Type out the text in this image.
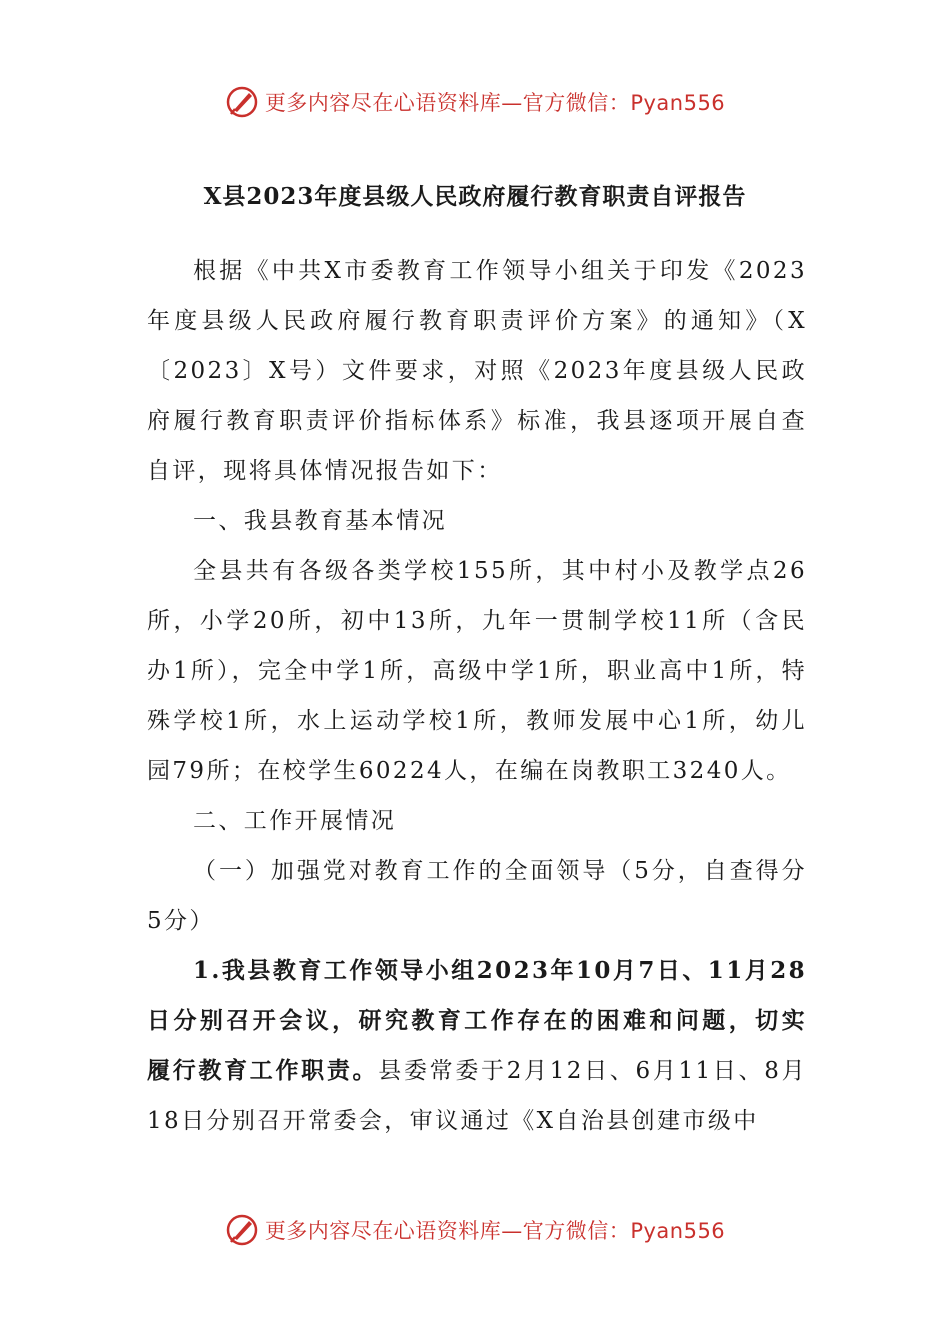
更多内容尽在心语资料库—官方微信：Pyan556
X县2023年度县级人民政府履行教育职责自评报告

根据《中共X市委教育工作领导小组关于印发《2023年度县级人民政府履行教育职责评价方案》的通知》（X〔2023〕X号）文件要求，对照《2023年度县级人民政府履行教育职责评价指标体系》标准，我县逐项开展自查自评，现将具体情况报告如下：

一、我县教育基本情况

全县共有各级各类学校155所，其中村小及教学点26所，小学20所，初中13所，九年一贯制学校11所（含民办1所），完全中学1所，高级中学1所，职业高中1所，特殊学校1所，水上运动学校1所，教师发展中心1所，幼儿园79所；在校学生60224人，在编在岗教职工3240人。

二、工作开展情况

（一）加强党对教育工作的全面领导（5分，自查得分5分）

1.我县教育工作领导小组2023年10月7日、11月28日分别召开会议，研究教育工作存在的困难和问题，切实履行教育工作职责。县委常委于2月12日、6月11日、8月18日分别召开常委会，审议通过《X自治县创建市级中

更多内容尽在心语资料库—官方微信：Pyan556
